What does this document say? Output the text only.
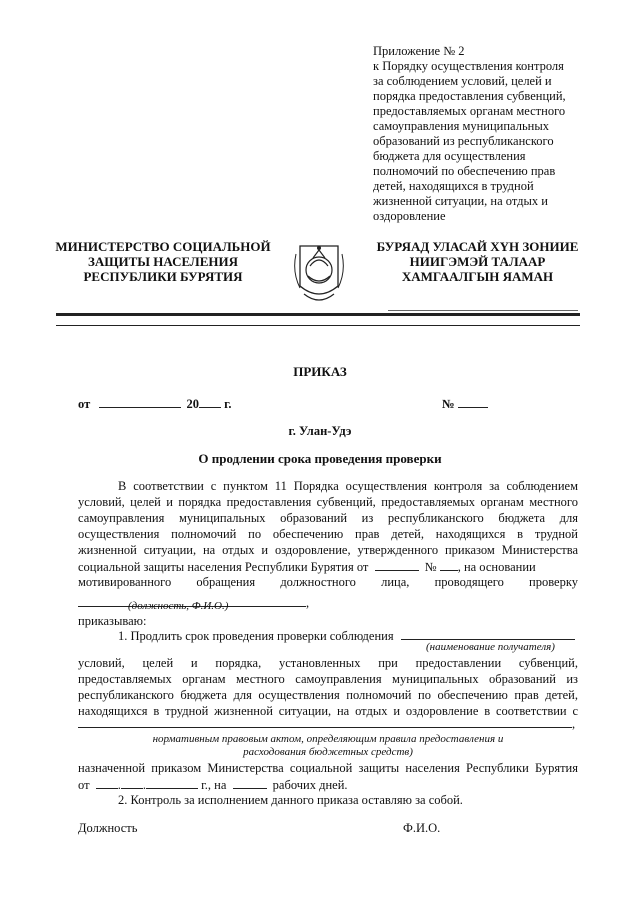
Приложение № 2
к Порядку осуществления контроля
за соблюдением условий, целей и
порядка предоставления субвенций,
предоставляемых органам местного
самоуправления муниципальных
образований из республиканского
бюджета для осуществления
полномочий по обеспечению прав
детей, находящихся в трудной
жизненной ситуации, на отдых и
оздоровление
МИНИСТЕРСТВО СОЦИАЛЬНОЙ
ЗАЩИТЫ НАСЕЛЕНИЯ
РЕСПУБЛИКИ БУРЯТИЯ
БУРЯАД УЛАСАЙ ХYН ЗОНИИЕ
НИИГЭМЭЙ ТАЛААР
ХАМГААЛГЫН ЯАМАН
ПРИКАЗ
от	20 г.	№
г. Улан-Удэ
О продлении срока проведения проверки
В соответствии с пунктом 11 Порядка осуществления контроля за соблюдением
условий, целей и порядка предоставления субвенций, предоставляемых органам местного
самоуправления муниципальных образований из республиканского бюджета для
осуществления полномочий по обеспечению прав детей, находящихся в трудной
жизненной ситуации, на отдых и оздоровление, утвержденного приказом Министерства
социальной защиты населения Республики Бурятия от	№ , на основании
мотивированного обращения должностного лица, проводящего проверку
,
(должность, Ф.И.О.)
приказываю:
1. Продлить срок проведения проверки соблюдения
(наименование получателя)
условий, целей и порядка, установленных при предоставлении субвенций,
предоставляемых органам местного самоуправления муниципальных образований из
республиканского бюджета для осуществления полномочий по обеспечению прав детей,
находящихся в трудной жизненной ситуации, на отдых и оздоровление в соответствии с
,
нормативным правовым актом, определяющим правила предоставления и
расходования бюджетных средств)
назначенной приказом Министерства социальной защиты населения Республики Бурятия
от . .	г., на	рабочих дней.
2. Контроль за исполнением данного приказа оставляю за собой.
Должность	Ф.И.О.
